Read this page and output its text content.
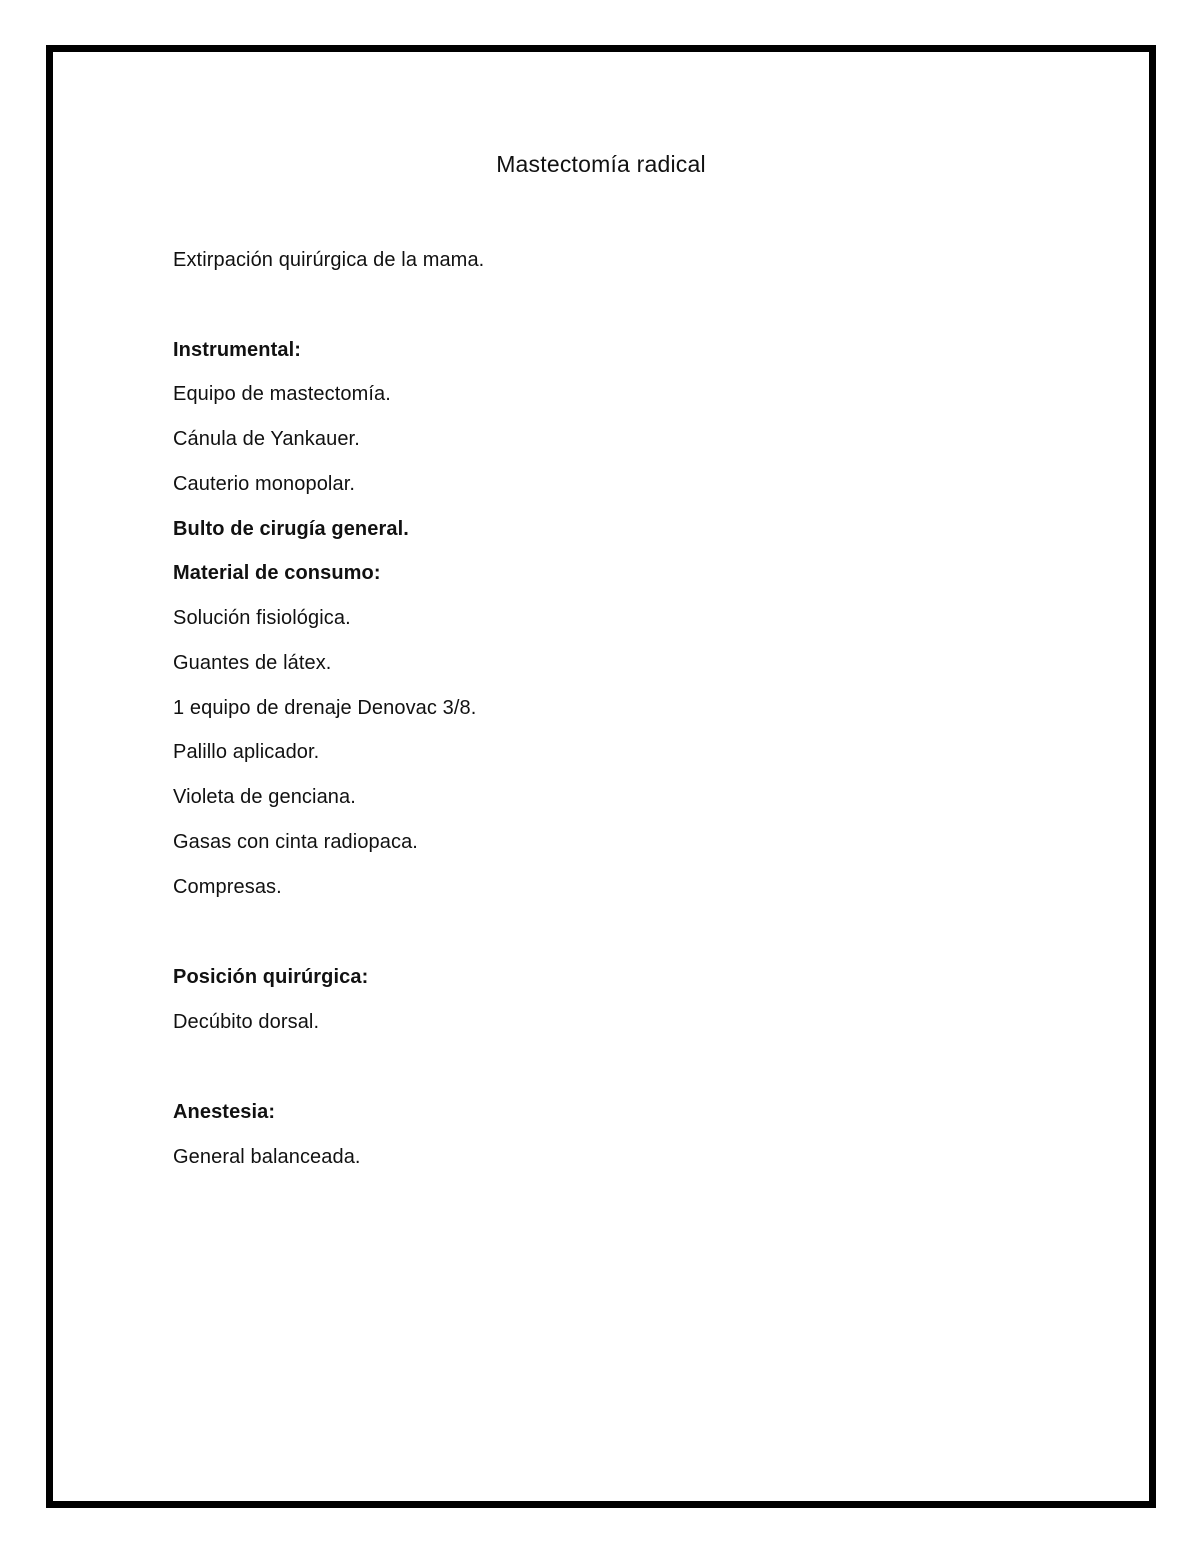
Mastectomía radical
Extirpación quirúrgica de la mama.
Instrumental:
Equipo de mastectomía.
Cánula de Yankauer.
Cauterio monopolar.
Bulto de cirugía general.
Material de consumo:
Solución fisiológica.
Guantes de látex.
1 equipo de drenaje Denovac 3/8.
Palillo aplicador.
Violeta de genciana.
Gasas con cinta radiopaca.
Compresas.
Posición quirúrgica:
Decúbito dorsal.
Anestesia:
General balanceada.
